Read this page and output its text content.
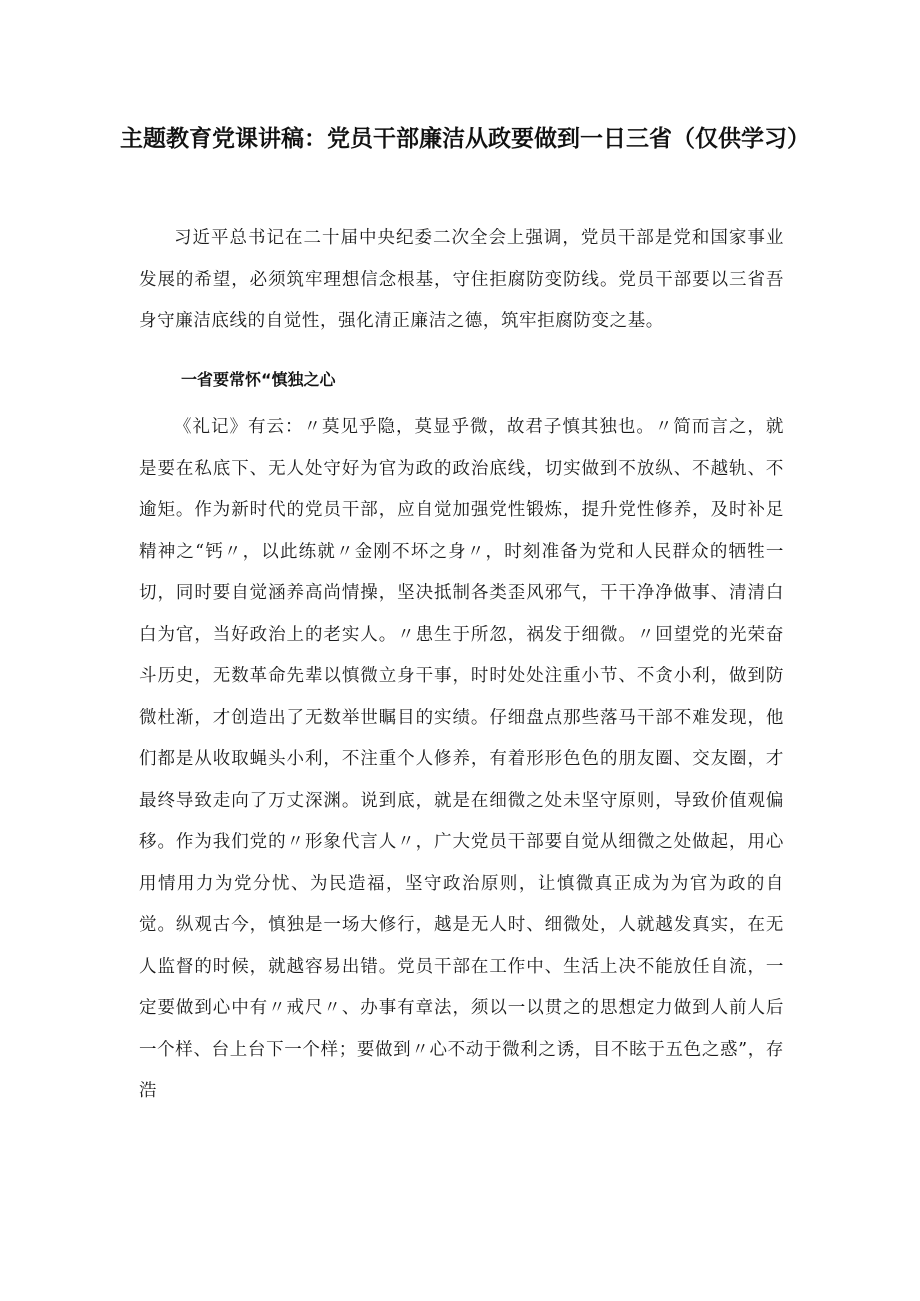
主题教育党课讲稿：党员干部廉洁从政要做到一日三省（仅供学习）
习近平总书记在二十届中央纪委二次全会上强调，党员干部是党和国家事业发展的希望，必须筑牢理想信念根基，守住拒腐防变防线。党员干部要以三省吾身守廉洁底线的自觉性，强化清正廉洁之德，筑牢拒腐防变之基。
一省要常怀“慎独之心
《礼记》有云：〃莫见乎隐，莫显乎微，故君子慎其独也。〃简而言之，就是要在私底下、无人处守好为官为政的政治底线，切实做到不放纵、不越轨、不逾矩。作为新时代的党员干部，应自觉加强党性锻炼，提升党性修养，及时补足精神之“钙〃，以此练就〃金刚不坏之身〃，时刻准备为党和人民群众的牺牲一切，同时要自觉涵养高尚情操，坚决抵制各类歪风邪气，干干净净做事、清清白白为官，当好政治上的老实人。〃患生于所忽，祸发于细微。〃回望党的光荣奋斗历史，无数革命先辈以慎微立身干事，时时处处注重小节、不贪小利，做到防微杜渐，才创造出了无数举世瞩目的实绩。仔细盘点那些落马干部不难发现，他们都是从收取蝇头小利，不注重个人修养，有着形形色色的朋友圈、交友圈，才最终导致走向了万丈深渊。说到底，就是在细微之处未坚守原则，导致价值观偏移。作为我们党的〃形象代言人〃，广大党员干部要自觉从细微之处做起，用心用情用力为党分忧、为民造福，坚守政治原则，让慎微真正成为为官为政的自觉。纵观古今，慎独是一场大修行，越是无人时、细微处，人就越发真实，在无人监督的时候，就越容易出错。党员干部在工作中、生活上决不能放任自流，一定要做到心中有〃戒尺〃、办事有章法，须以一以贯之的思想定力做到人前人后一个样、台上台下一个样；要做到〃心不动于微利之诱，目不眩于五色之惑”，存浩
